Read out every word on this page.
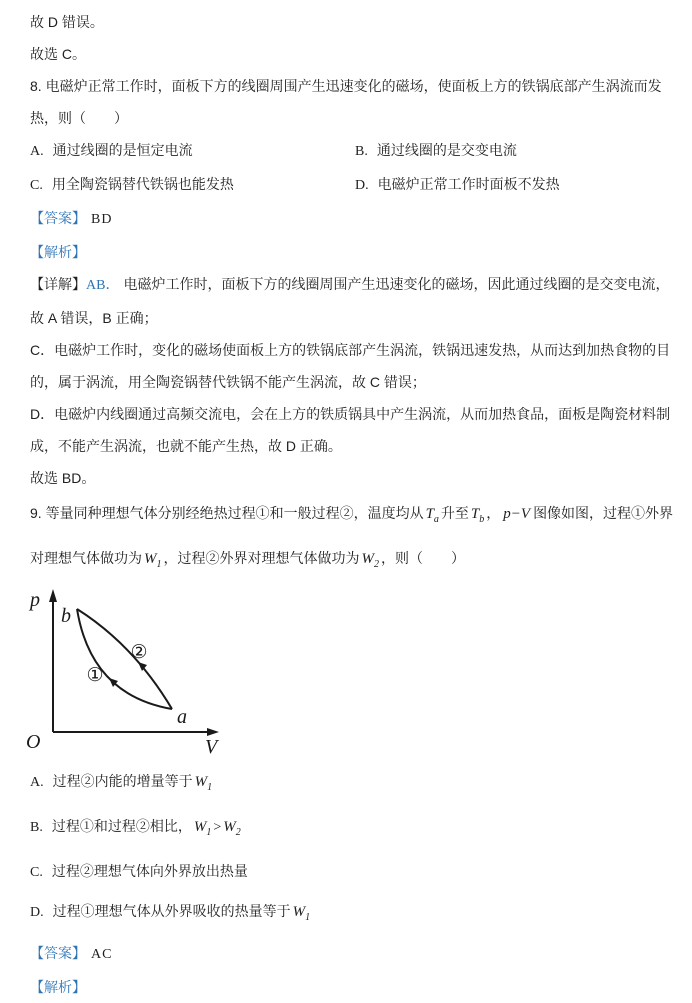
故 D 错误。

故选 C。

8. 电磁炉正常工作时，面板下方的线圈周围产生迅速变化的磁场，使面板上方的铁锅底部产生涡流而发热，则（　　）

A. 通过线圈的是恒定电流	B. 通过线圈的是交变电流
C. 用全陶瓷锅替代铁锅也能发热	D. 电磁炉正常工作时面板不发热

【答案】 BD

【解析】

【详解】AB． 电磁炉工作时，面板下方的线圈周围产生迅速变化的磁场，因此通过线圈的是交变电流，故 A 错误，B 正确；

C．电磁炉工作时，变化的磁场使面板上方的铁锅底部产生涡流，铁锅迅速发热，从而达到加热食物的目的，属于涡流，用全陶瓷锅替代铁锅不能产生涡流，故 C 错误；

D．电磁炉内线圈通过高频交流电，会在上方的铁质锅具中产生涡流，从而加热食品，面板是陶瓷材料制成，不能产生涡流，也就不能产生热，故 D 正确。

故选 BD。

9. 等量同种理想气体分别经绝热过程①和一般过程②，温度均从 $T_a$ 升至 $T_b$ ， p−V 图像如图，过程①外界对理想气体做功为 $W_1$ ，过程②外界对理想气体做功为 $W_2$ ，则（　　）

p
V
O
b
a
①
②
A. 过程②内能的增量等于 $W_1$
B. 过程①和过程②相比， $W_1 > W_2$
C. 过程②理想气体向外界放出热量
D. 过程①理想气体从外界吸收的热量等于 $W_1$

【答案】 AC

【解析】
